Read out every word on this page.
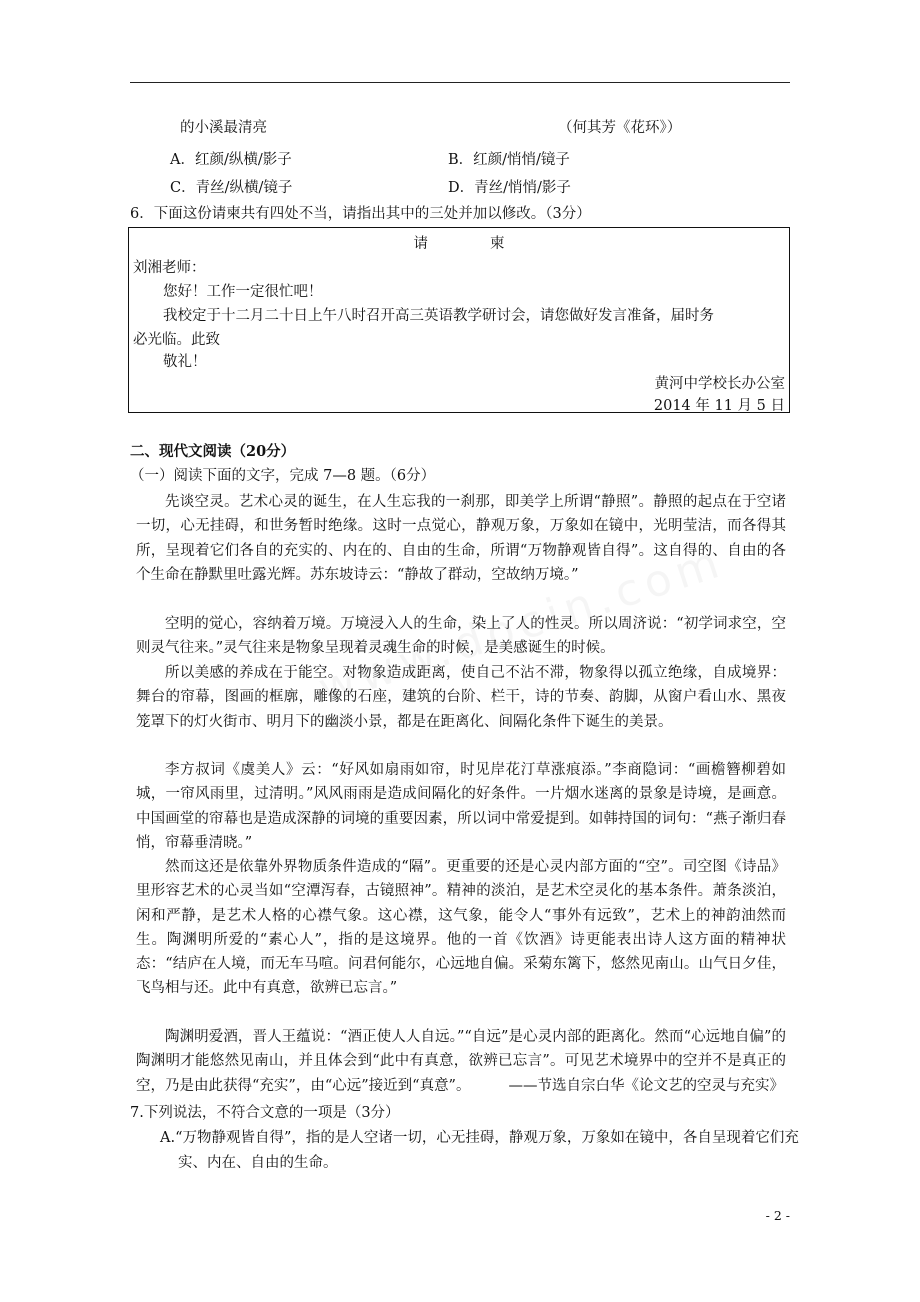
的小溪最清亮	（何其芳《花环》）
A．红颜/纵横/影子	B．红颜/悄悄/镜子
C．青丝/纵横/镜子	D．青丝/悄悄/影子
6．下面这份请柬共有四处不当，请指出其中的三处并加以修改。（3分）
请柬
刘湘老师：
您好！工作一定很忙吧！
我校定于十二月二十日上午八时召开高三英语教学研讨会，请您做好发言准备，届时务
必光临。此致
敬礼！
黄河中学校长办公室
2014 年 11 月 5 日
二、现代文阅读（20分）
（一）阅读下面的文字，完成 7—8 题。（6分）

先谈空灵。艺术心灵的诞生，在人生忘我的一刹那，即美学上所谓“静照”。静照的起点在于空诸一切，心无挂碍，和世务暂时绝缘。这时一点觉心，静观万象，万象如在镜中，光明莹洁，而各得其所，呈现着它们各自的充实的、内在的、自由的生命，所谓“万物静观皆自得”。这自得的、自由的各个生命在静默里吐露光辉。苏东坡诗云：“静故了群动，空故纳万境。”

空明的觉心，容纳着万境。万境浸入人的生命，染上了人的性灵。所以周济说：“初学词求空，空则灵气往来。”灵气往来是物象呈现着灵魂生命的时候，是美感诞生的时候。

所以美感的养成在于能空。对物象造成距离，使自己不沾不滞，物象得以孤立绝缘，自成境界：舞台的帘幕，图画的框廓，雕像的石座，建筑的台阶、栏干，诗的节奏、韵脚，从窗户看山水、黑夜笼罩下的灯火街市、明月下的幽淡小景，都是在距离化、间隔化条件下诞生的美景。

李方叔词《虞美人》云：“好风如扇雨如帘，时见岸花汀草涨痕添。”李商隐词：“画檐簪柳碧如城，一帘风雨里，过清明。”风风雨雨是造成间隔化的好条件。一片烟水迷离的景象是诗境，是画意。中国画堂的帘幕也是造成深静的词境的重要因素，所以词中常爱提到。如韩持国的词句：“燕子渐归春悄，帘幕垂清晓。”

然而这还是依靠外界物质条件造成的“隔”。更重要的还是心灵内部方面的“空”。司空图《诗品》里形容艺术的心灵当如“空潭泻春，古镜照神”。精神的淡泊，是艺术空灵化的基本条件。萧条淡泊，闲和严静，是艺术人格的心襟气象。这心襟，这气象，能令人“事外有远致”，艺术上的神韵油然而生。陶渊明所爱的“素心人”，指的是这境界。他的一首《饮酒》诗更能表出诗人这方面的精神状态：“结庐在人境，而无车马喧。问君何能尔，心远地自偏。采菊东篱下，悠然见南山。山气日夕佳，飞鸟相与还。此中有真意，欲辨已忘言。”

陶渊明爱酒，晋人王蕴说：“酒正使人人自远。”“自远”是心灵内部的距离化。然而“心远地自偏”的陶渊明才能悠然见南山，并且体会到“此中有真意，欲辨已忘言”。可见艺术境界中的空并不是真正的空，乃是由此获得“充实”，由“心远”接近到“真意”。	——节选自宗白华《论文艺的空灵与充实》
7.下列说法，不符合文意的一项是（3分）

A.“万物静观皆自得”，指的是人空诸一切，心无挂碍，静观万象，万象如在镜中，各自呈现着它们充实、内在、自由的生命。

- 2 -
